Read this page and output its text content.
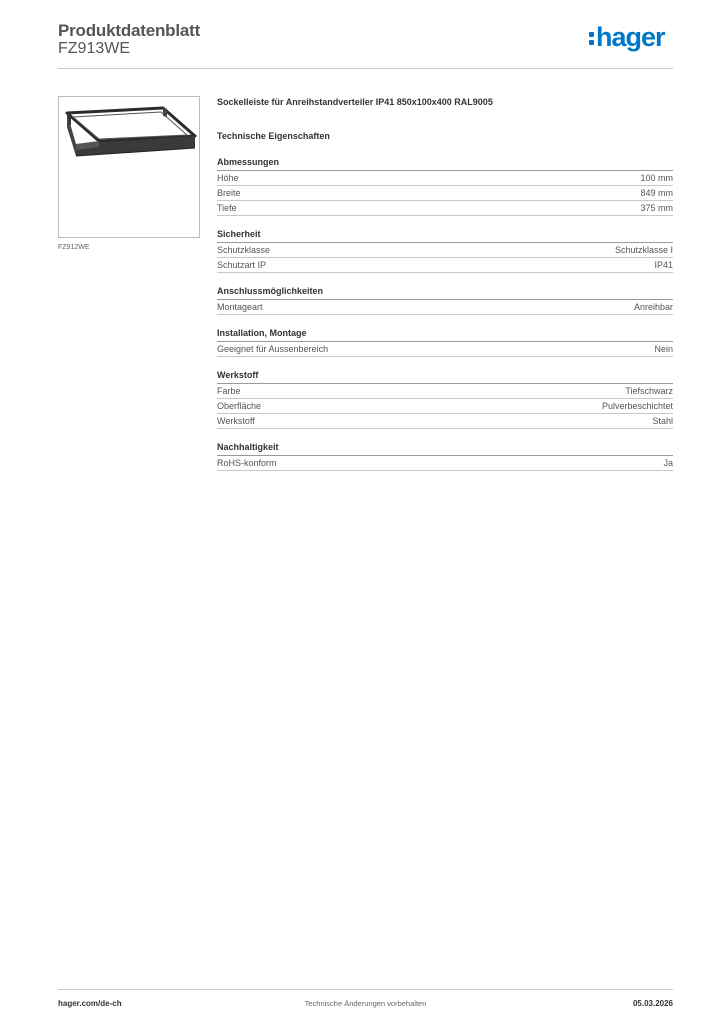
Produktdatenblatt
FZ913WE	hager
FZ912WE
Sockelleiste für Anreihstandverteiler IP41 850x100x400 RAL9005
Technische Eigenschaften
Abmessungen
Höhe	100 mm
Breite	849 mm
Tiefe	375 mm
Sicherheit
Schutzklasse	Schutzklasse I
Schutzart IP	IP41
Anschlussmöglichkeiten
Montageart	Anreihbar
Installation, Montage
Geeignet für Aussenbereich	Nein
Werkstoff
Farbe	Tiefschwarz
Oberfläche	Pulverbeschichtet
Werkstoff	Stahl
Nachhaltigkeit
RoHS-konform	Ja
hager.com/de-ch	Technische Änderungen vorbehalten	05.03.2026
